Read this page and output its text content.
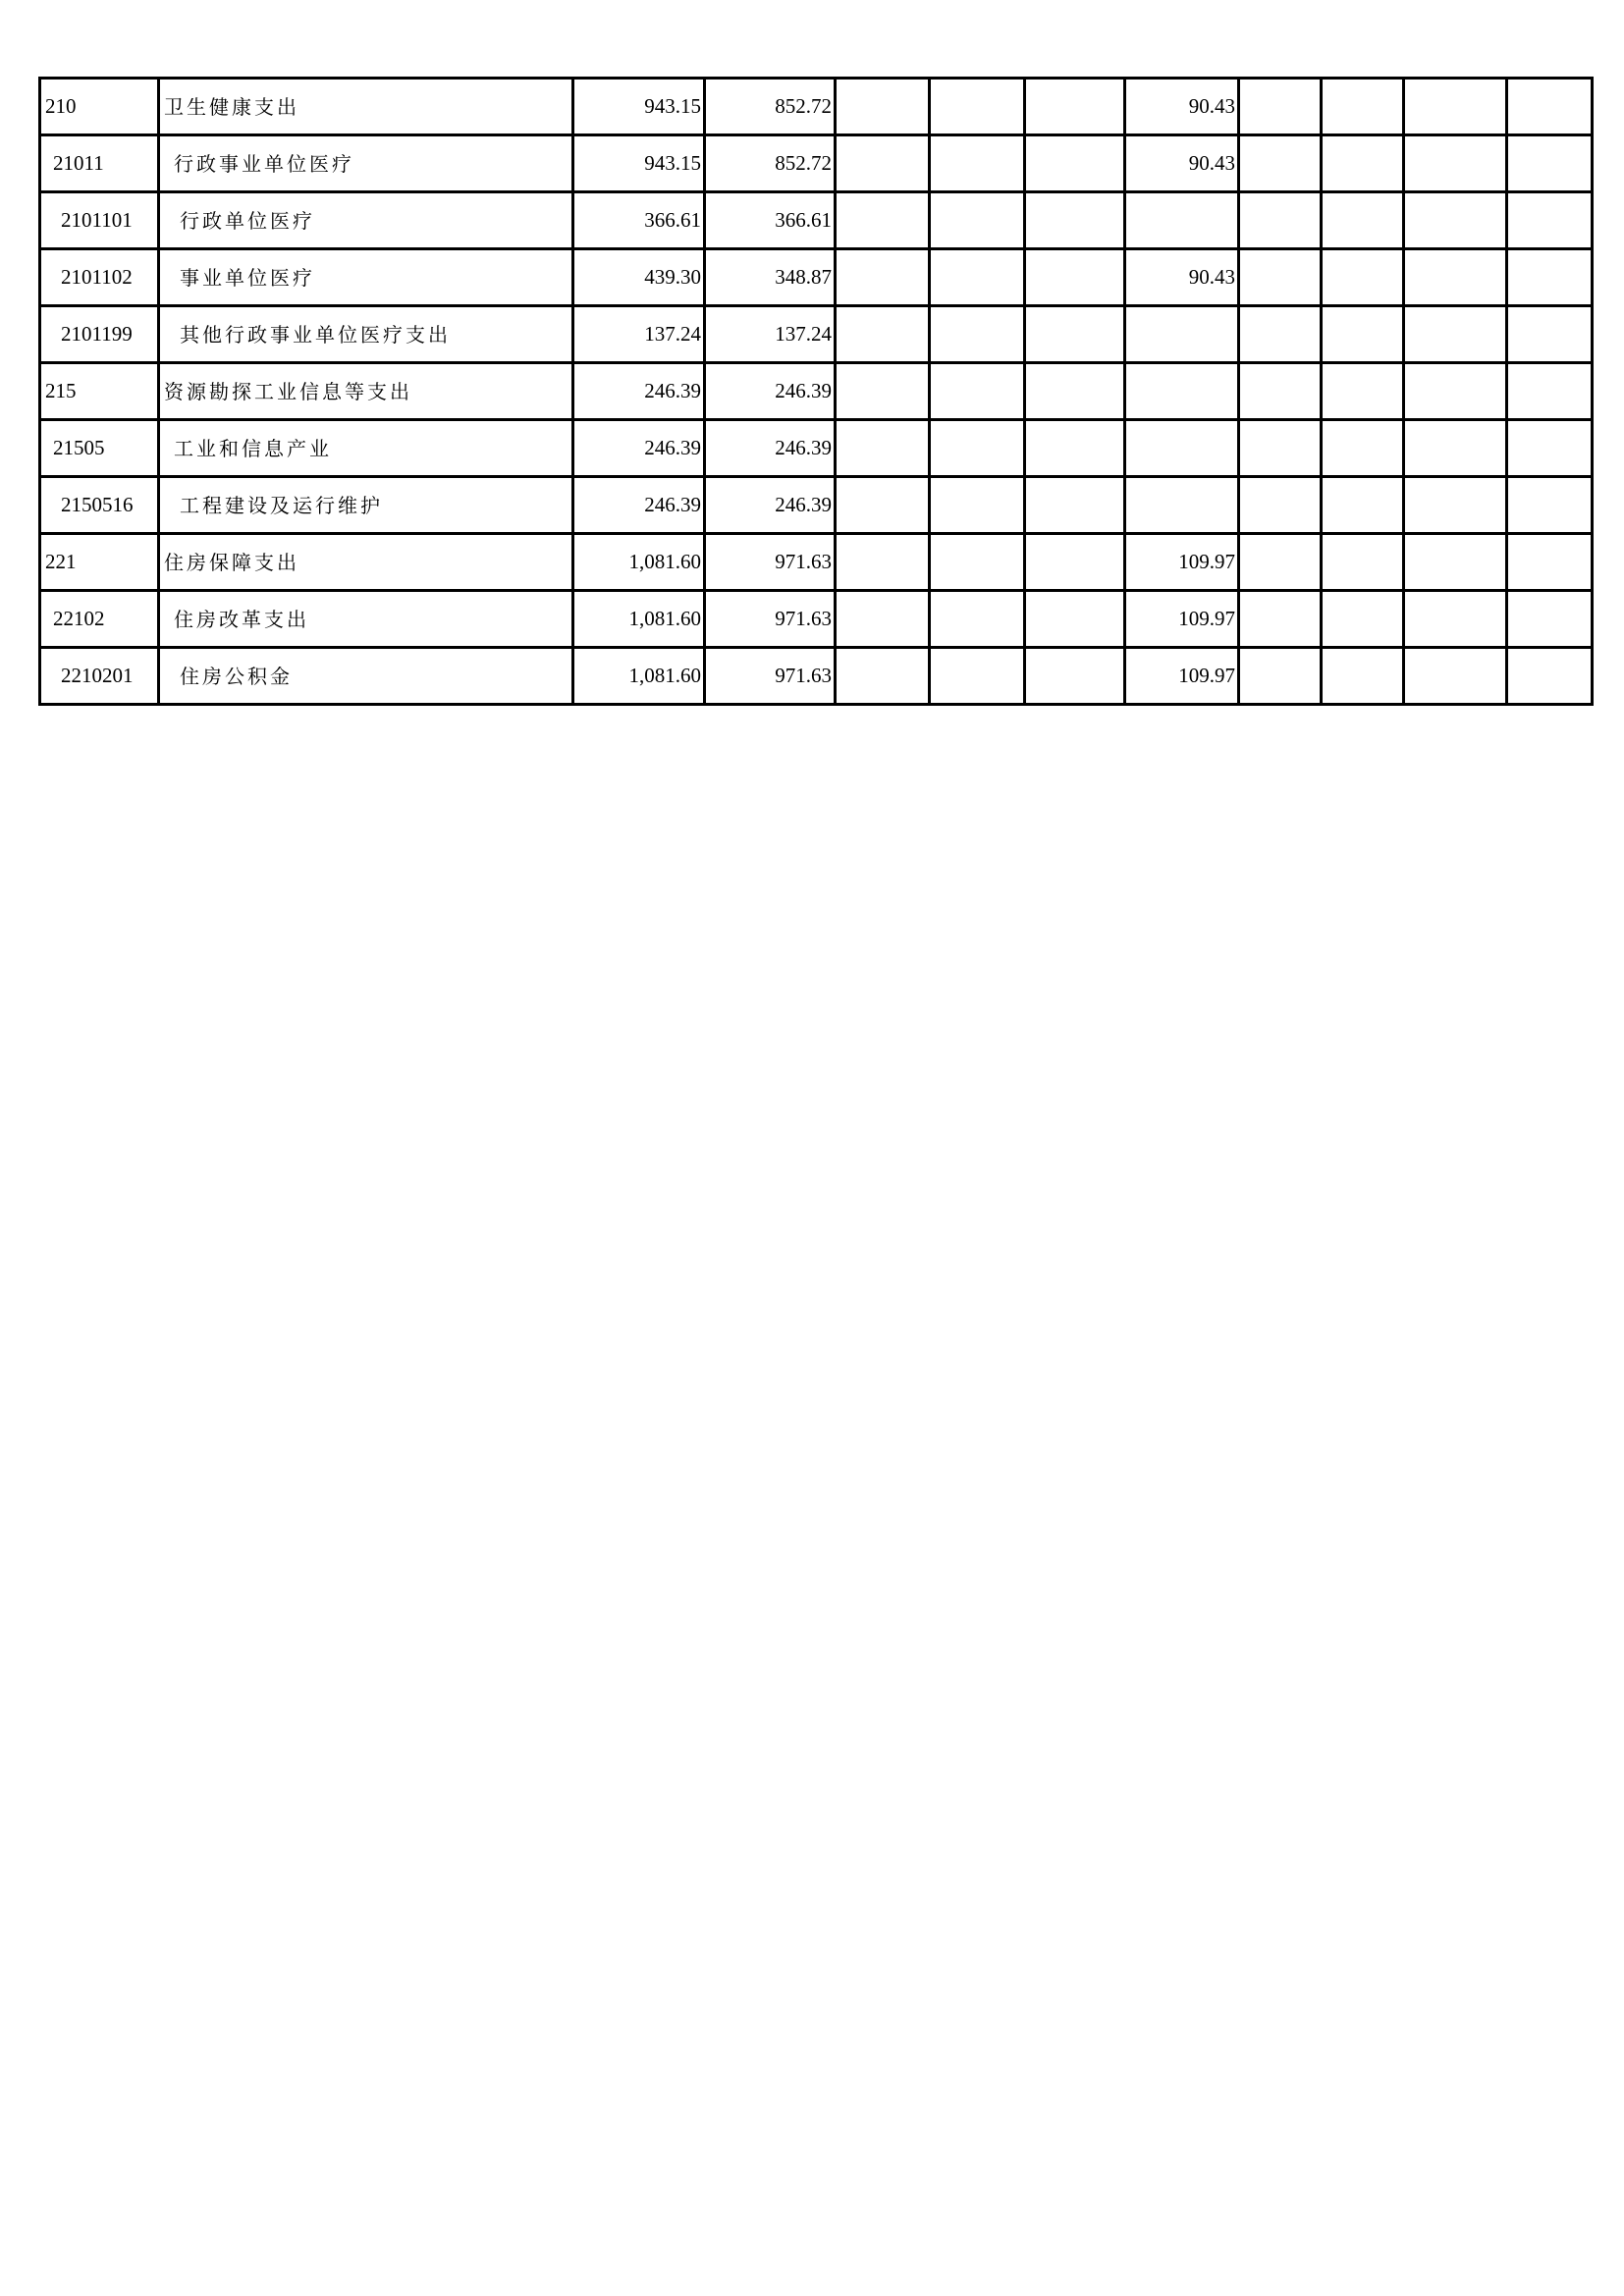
210	卫生健康支出	943.15	852.72				90.43				
21011	行政事业单位医疗	943.15	852.72				90.43				
2101101	行政单位医疗	366.61	366.61								
2101102	事业单位医疗	439.30	348.87				90.43				
2101199	其他行政事业单位医疗支出	137.24	137.24								
215	资源勘探工业信息等支出	246.39	246.39								
21505	工业和信息产业	246.39	246.39								
2150516	工程建设及运行维护	246.39	246.39								
221	住房保障支出	1,081.60	971.63				109.97				
22102	住房改革支出	1,081.60	971.63				109.97				
2210201	住房公积金	1,081.60	971.63				109.97				
